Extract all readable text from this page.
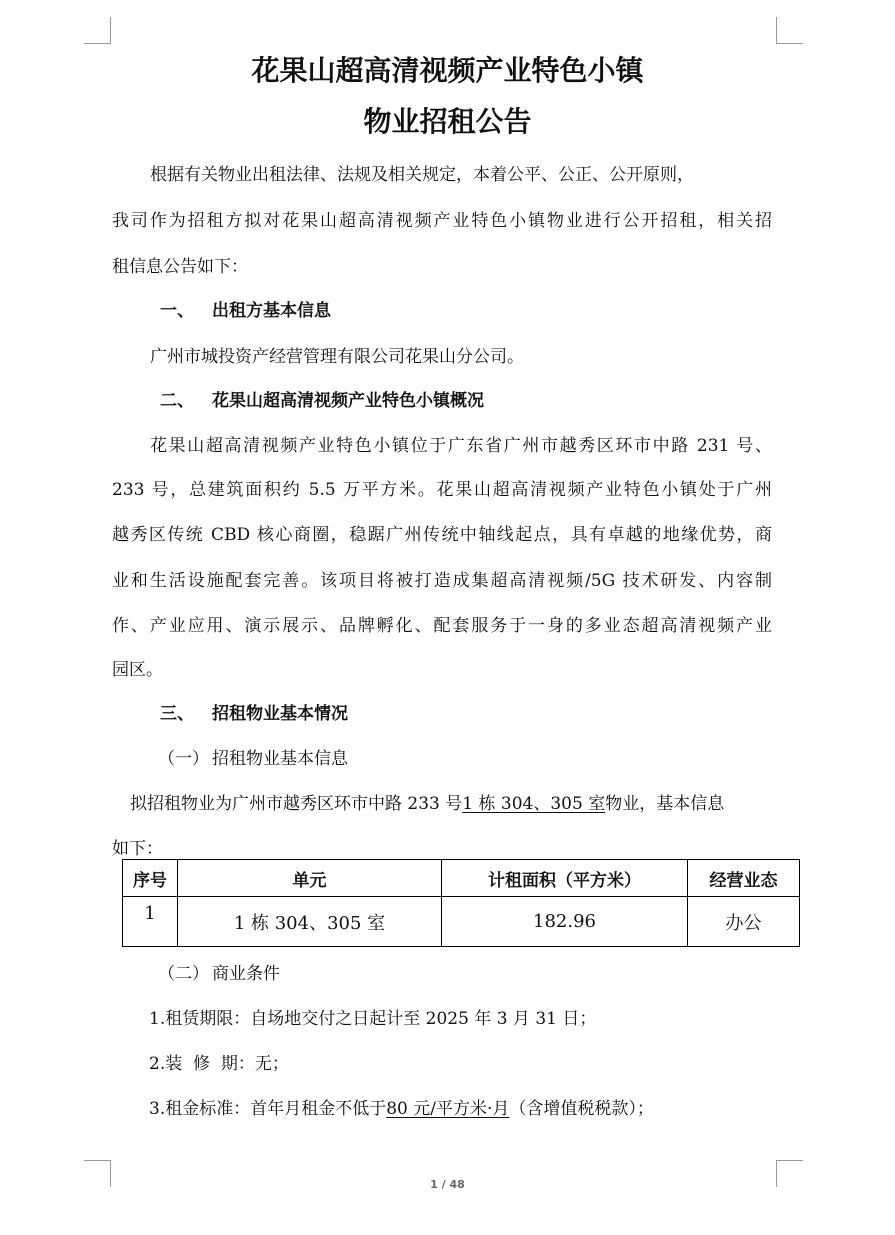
花果山超高清视频产业特色小镇
物业招租公告
根据有关物业出租法律、法规及相关规定，本着公平、公正、公开原则，
我司作为招租方拟对花果山超高清视频产业特色小镇物业进行公开招租，相关招
租信息公告如下：
一、 出租方基本信息
广州市城投资产经营管理有限公司花果山分公司。
二、 花果山超高清视频产业特色小镇概况
花果山超高清视频产业特色小镇位于广东省广州市越秀区环市中路 231 号、
233 号，总建筑面积约 5.5 万平方米。花果山超高清视频产业特色小镇处于广州
越秀区传统 CBD 核心商圈，稳踞广州传统中轴线起点，具有卓越的地缘优势，商
业和生活设施配套完善。该项目将被打造成集超高清视频/5G 技术研发、内容制
作、产业应用、演示展示、品牌孵化、配套服务于一身的多业态超高清视频产业
园区。
三、 招租物业基本情况
（一） 招租物业基本信息
拟招租物业为广州市越秀区环市中路 233 号1 栋 304、305 室物业，基本信息
如下：
序号	单元	计租面积（平方米）	经营业态
1	1 栋 304、305 室	182.96	办公
（二） 商业条件
1.租赁期限：自场地交付之日起计至 2025 年 3 月 31 日；
2.装  修  期：无；
3.租金标准：首年月租金不低于80 元/平方米·月（含增值税税款）；
1 / 48
